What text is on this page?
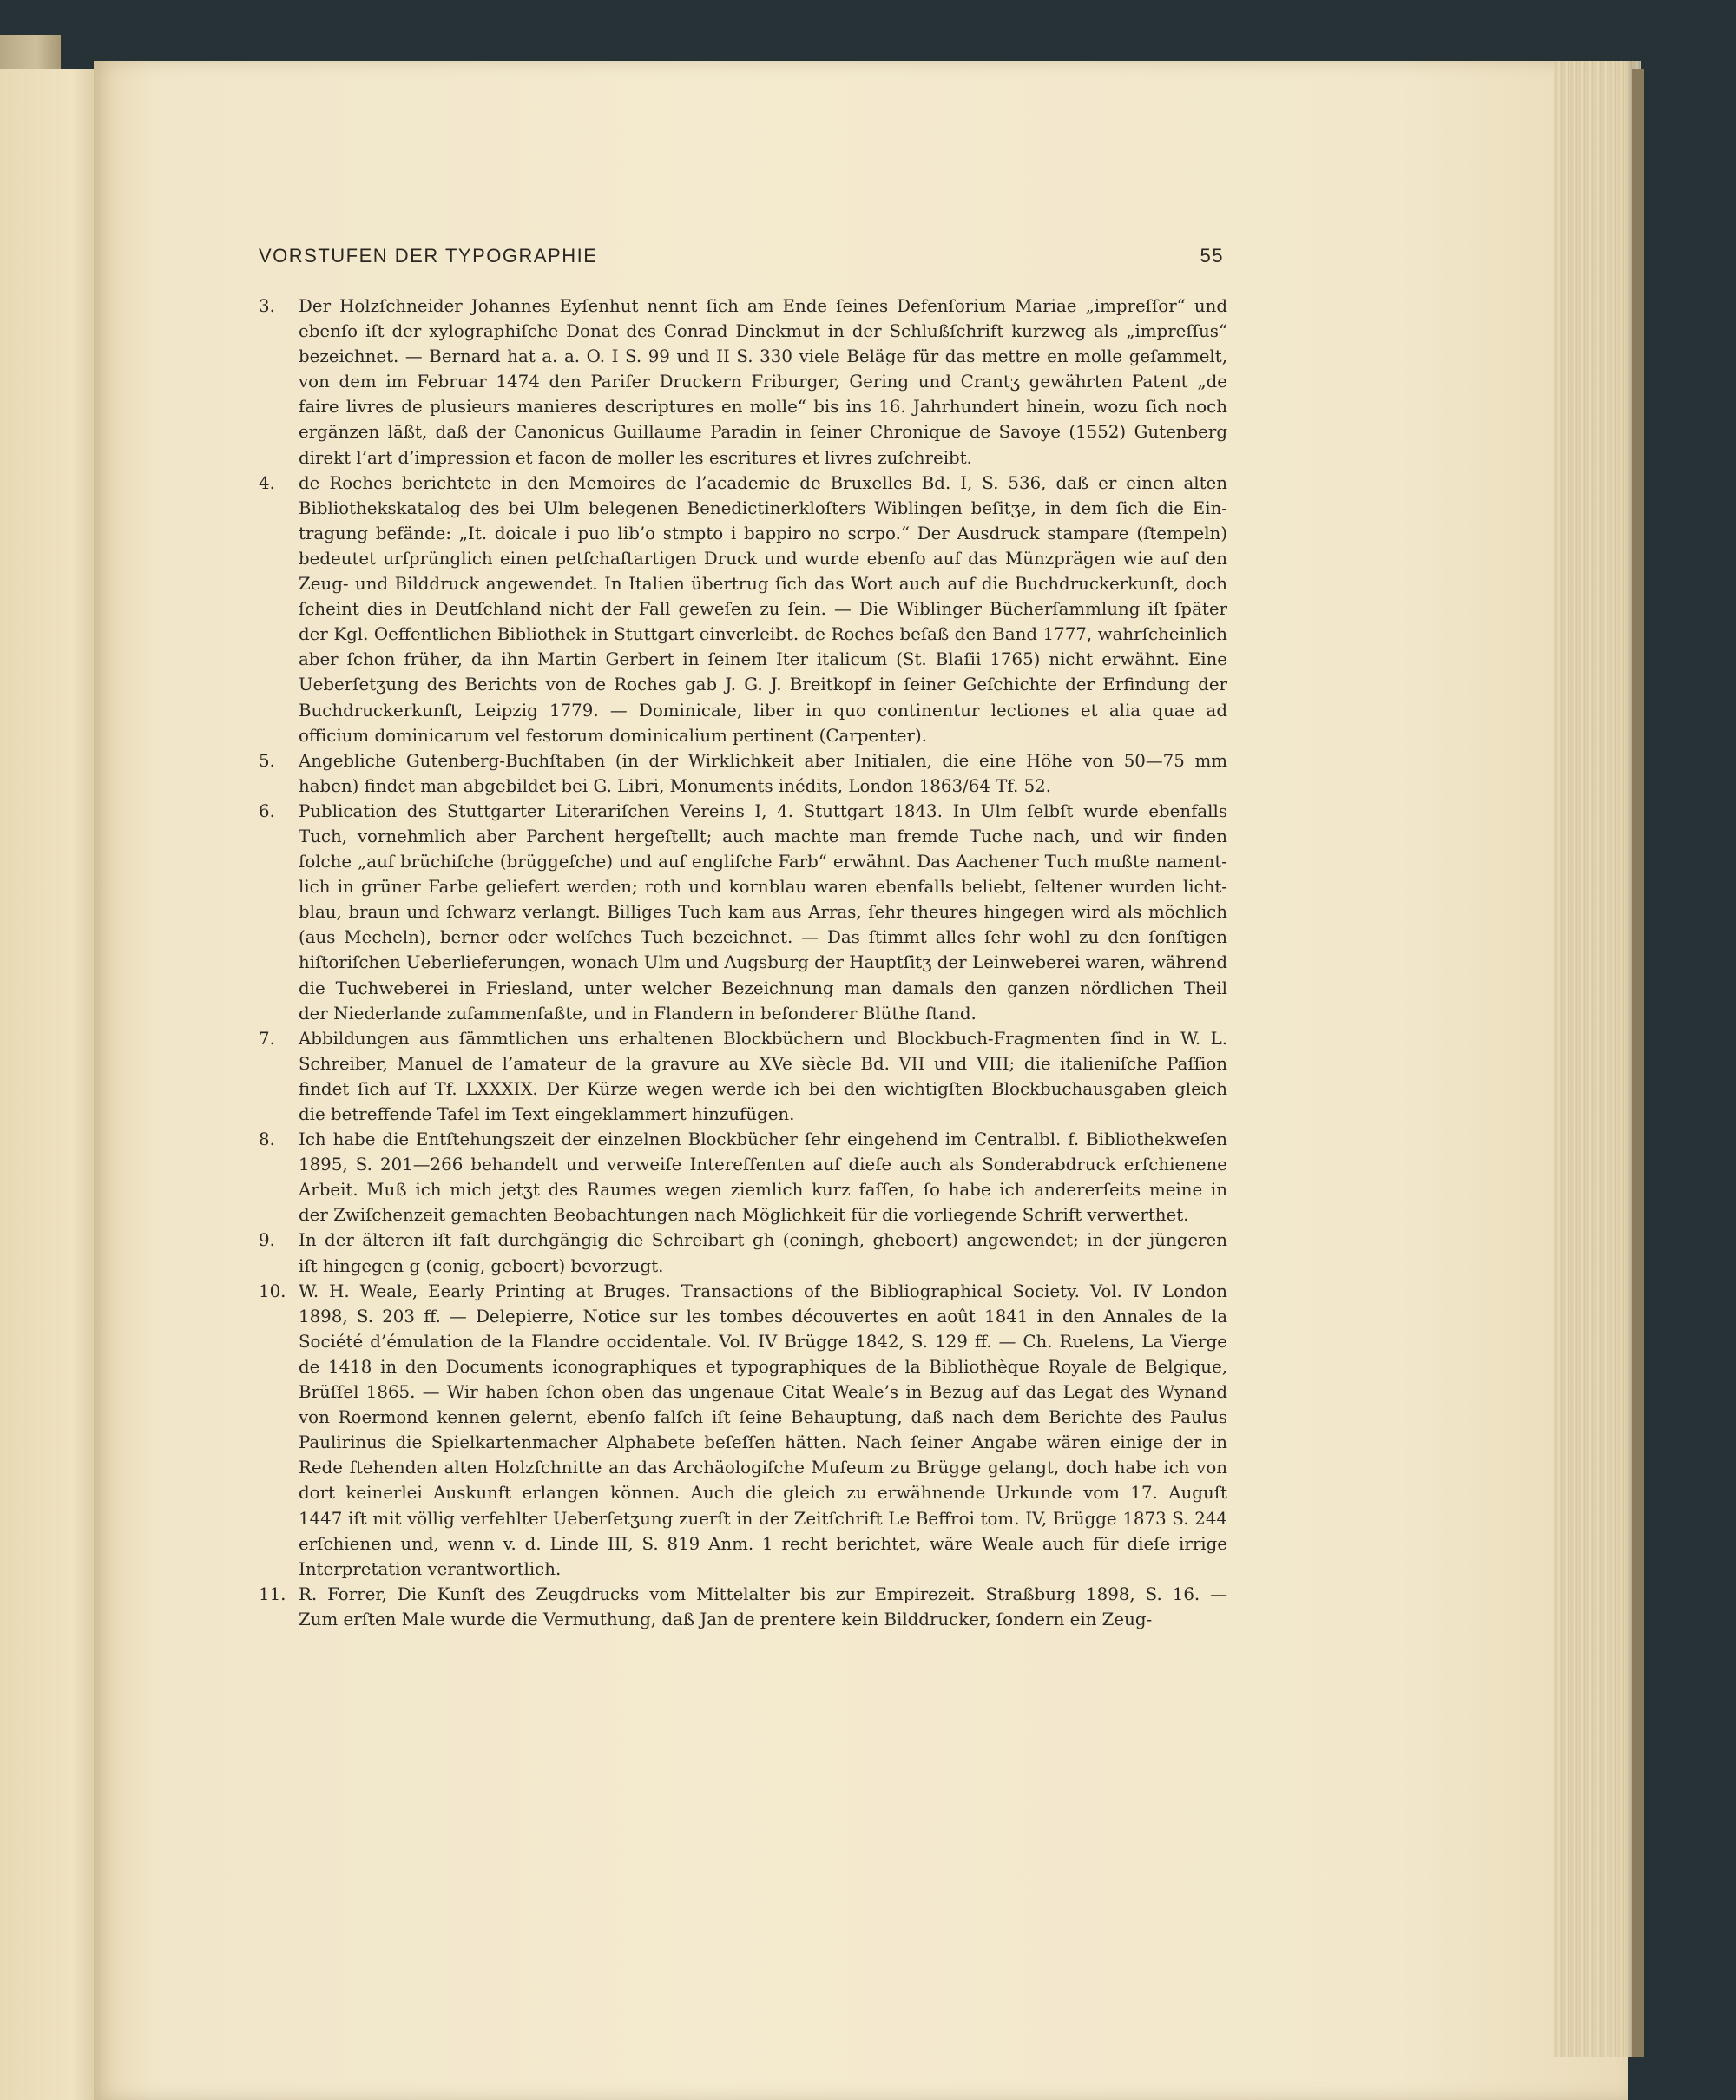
VORSTUFEN DER TYPOGRAPHIE	55
3.	Der Holzſchneider Johannes Eyſenhut nennt ſich am Ende ſeines Defenſorium Mariae „impreſſor“ und
ebenſo iſt der xylographiſche Donat des Conrad Dinckmut in der Schlußſchrift kurzweg als „impreſſus“
bezeichnet. — Bernard hat a. a. O. I S. 99 und II S. 330 viele Beläge für das mettre en molle geſammelt,
von dem im Februar 1474 den Pariſer Druckern Friburger, Gering und Crantʒ gewährten Patent „de
faire livres de plusieurs manieres descriptures en molle“ bis ins 16. Jahrhundert hinein, wozu ſich noch
ergänzen läßt, daß der Canonicus Guillaume Paradin in ſeiner Chronique de Savoye (1552) Gutenberg
direkt l’art d’impression et facon de moller les escritures et livres zuſchreibt.
4.	de Roches berichtete in den Memoires de l’academie de Bruxelles Bd. I, S. 536, daß er einen alten
Bibliothekskatalog des bei Ulm belegenen Benedictinerkloſters Wiblingen beſitʒe, in dem ſich die Ein-
tragung befände: „It. doicale i puo lib’o stmpto i bappiro no scrpo.“ Der Ausdruck stampare (ſtempeln)
bedeutet urſprünglich einen petſchaftartigen Druck und wurde ebenſo auf das Münzprägen wie auf den
Zeug- und Bilddruck angewendet. In Italien übertrug ſich das Wort auch auf die Buchdruckerkunſt, doch
ſcheint dies in Deutſchland nicht der Fall geweſen zu ſein. — Die Wiblinger Bücherſammlung iſt ſpäter
der Kgl. Oeffentlichen Bibliothek in Stuttgart einverleibt. de Roches beſaß den Band 1777, wahrſcheinlich
aber ſchon früher, da ihn Martin Gerbert in ſeinem Iter italicum (St. Blaſii 1765) nicht erwähnt. Eine
Ueberſetʒung des Berichts von de Roches gab J. G. J. Breitkopf in ſeiner Geſchichte der Erfindung der
Buchdruckerkunſt, Leipzig 1779. — Dominicale, liber in quo continentur lectiones et alia quae ad
officium dominicarum vel festorum dominicalium pertinent (Carpenter).
5.	Angebliche Gutenberg-Buchſtaben (in der Wirklichkeit aber Initialen, die eine Höhe von 50—75 mm
haben) findet man abgebildet bei G. Libri, Monuments inédits, London 1863/64 Tf. 52.
6.	Publication des Stuttgarter Literariſchen Vereins I, 4. Stuttgart 1843. In Ulm ſelbſt wurde ebenfalls
Tuch, vornehmlich aber Parchent hergeſtellt; auch machte man fremde Tuche nach, und wir finden
ſolche „auf brüchiſche (brüggeſche) und auf engliſche Farb“ erwähnt. Das Aachener Tuch mußte nament-
lich in grüner Farbe geliefert werden; roth und kornblau waren ebenfalls beliebt, ſeltener wurden licht-
blau, braun und ſchwarz verlangt. Billiges Tuch kam aus Arras, ſehr theures hingegen wird als möchlich
(aus Mecheln), berner oder welſches Tuch bezeichnet. — Das ſtimmt alles ſehr wohl zu den ſonſtigen
hiſtoriſchen Ueberlieferungen, wonach Ulm und Augsburg der Hauptſitʒ der Leinweberei waren, während
die Tuchweberei in Friesland, unter welcher Bezeichnung man damals den ganzen nördlichen Theil
der Niederlande zuſammenfaßte, und in Flandern in beſonderer Blüthe ſtand.
7.	Abbildungen aus ſämmtlichen uns erhaltenen Blockbüchern und Blockbuch-Fragmenten ſind in W. L.
Schreiber, Manuel de l’amateur de la gravure au XVe siècle Bd. VII und VIII; die italieniſche Paſſion
findet ſich auf Tf. LXXXIX. Der Kürze wegen werde ich bei den wichtigſten Blockbuchausgaben gleich
die betreffende Tafel im Text eingeklammert hinzufügen.
8.	Ich habe die Entſtehungszeit der einzelnen Blockbücher ſehr eingehend im Centralbl. f. Bibliothekweſen
1895, S. 201—266 behandelt und verweiſe Intereſſenten auf dieſe auch als Sonderabdruck erſchienene
Arbeit. Muß ich mich jetʒt des Raumes wegen ziemlich kurz faſſen, ſo habe ich andererſeits meine in
der Zwiſchenzeit gemachten Beobachtungen nach Möglichkeit für die vorliegende Schrift verwerthet.
9.	In der älteren iſt faſt durchgängig die Schreibart gh (coningh, gheboert) angewendet; in der jüngeren
iſt hingegen g (conig, geboert) bevorzugt.
10. W. H. Weale, Eearly Printing at Bruges. Transactions of the Bibliographical Society. Vol. IV London
1898, S. 203 ff. — Delepierre, Notice sur les tombes découvertes en août 1841 in den Annales de la
Société d’émulation de la Flandre occidentale. Vol. IV Brügge 1842, S. 129 ff. — Ch. Ruelens, La Vierge
de 1418 in den Documents iconographiques et typographiques de la Bibliothèque Royale de Belgique,
Brüſſel 1865. — Wir haben ſchon oben das ungenaue Citat Weale’s in Bezug auf das Legat des Wynand
von Roermond kennen gelernt, ebenſo falſch iſt ſeine Behauptung, daß nach dem Berichte des Paulus
Paulirinus die Spielkartenmacher Alphabete beſeſſen hätten. Nach ſeiner Angabe wären einige der in
Rede ſtehenden alten Holzſchnitte an das Archäologiſche Muſeum zu Brügge gelangt, doch habe ich von
dort keinerlei Auskunft erlangen können. Auch die gleich zu erwähnende Urkunde vom 17. Auguſt
1447 iſt mit völlig verfehlter Ueberſetʒung zuerſt in der Zeitſchrift Le Beffroi tom. IV, Brügge 1873 S. 244
erſchienen und, wenn v. d. Linde III, S. 819 Anm. 1 recht berichtet, wäre Weale auch für dieſe irrige
Interpretation verantwortlich.
11. R. Forrer, Die Kunſt des Zeugdrucks vom Mittelalter bis zur Empirezeit. Straßburg 1898, S. 16. —
Zum erſten Male wurde die Vermuthung, daß Jan de prentere kein Bilddrucker, ſondern ein Zeug-
